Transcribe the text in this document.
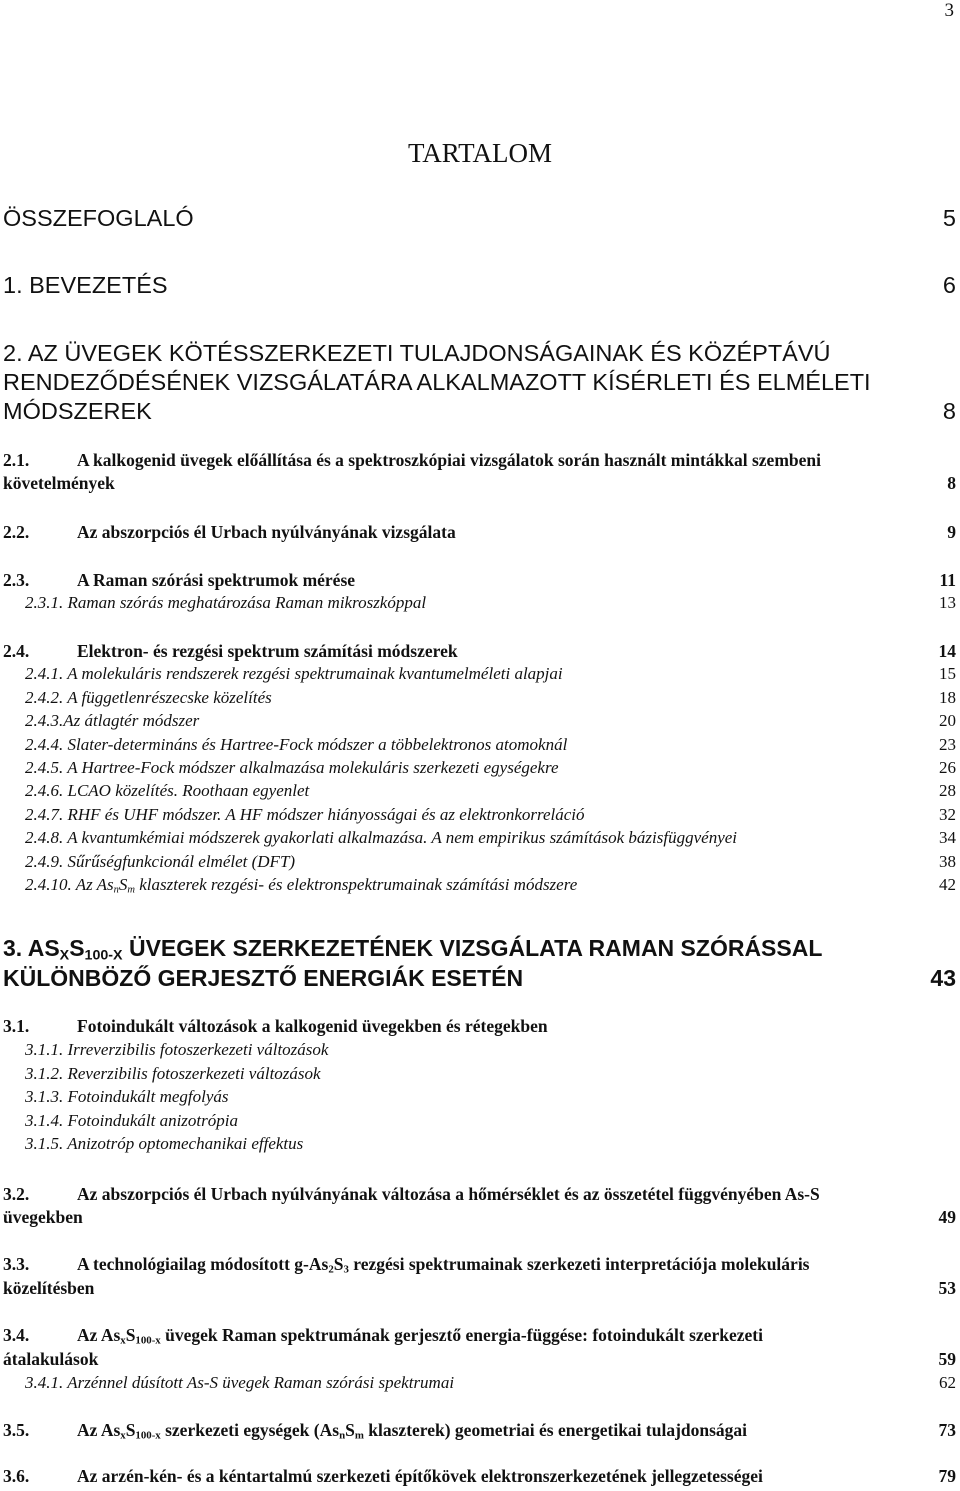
3
TARTALOM
ÖSSZEFOGLALÓ	5
1. BEVEZETÉS	6
2. AZ ÜVEGEK KÖTÉSSZERKEZETI TULAJDONSÁGAINAK ÉS KÖZÉPTÁVÚ
RENDEZŐDÉSÉNEK VIZSGÁLATÁRA ALKALMAZOTT KÍSÉRLETI ÉS ELMÉLETI
MÓDSZEREK	8
2.1.	A kalkogenid üvegek előállítása és a spektroszkópiai vizsgálatok során használt mintákkal szembeni
követelmények	8
2.2.	Az abszorpciós él Urbach nyúlványának vizsgálata	9
2.3.	A Raman szórási spektrumok mérése	11
2.3.1. Raman szórás meghatározása Raman mikroszkóppal	13
2.4.	Elektron- és rezgési spektrum számítási módszerek	14
2.4.1. A molekuláris rendszerek rezgési spektrumainak kvantumelméleti alapjai	15
2.4.2. A függetlenrészecske közelítés	18
2.4.3.Az átlagtér módszer	20
2.4.4. Slater-determináns és Hartree-Fock módszer a többelektronos atomoknál	23
2.4.5. A Hartree-Fock módszer alkalmazása molekuláris szerkezeti egységekre	26
2.4.6. LCAO közelítés. Roothaan egyenlet	28
2.4.7. RHF és UHF módszer. A HF módszer hiányosságai és az elektronkorreláció	32
2.4.8. A kvantumkémiai módszerek gyakorlati alkalmazása. A nem empirikus számítások bázisfüggvényei	34
2.4.9. Sűrűségfunkcionál elmélet (DFT)	38
2.4.10. Az $As_nS_m$ klaszterek rezgési- és elektronspektrumainak számítási módszere	42
3. $AS_XS_{100-X}$ ÜVEGEK SZERKEZETÉNEK VIZSGÁLATA RAMAN SZÓRÁSSAL
KÜLÖNBÖZŐ GERJESZTŐ ENERGIÁK ESETÉN	43
3.1.	Fotoindukált változások a kalkogenid üvegekben és rétegekben
3.1.1. Irreverzibilis fotoszerkezeti változások
3.1.2. Reverzibilis fotoszerkezeti változások
3.1.3. Fotoindukált megfolyás
3.1.4. Fotoindukált anizotrópia
3.1.5. Anizotróp optomechanikai effektus
3.2.	Az abszorpciós él Urbach nyúlványának változása a hőmérséklet és az összetétel függvényében As-S
üvegekben	49
3.3.	A technológiailag módosított $g-As_2S_3$ rezgési spektrumainak szerkezeti interpretációja molekuláris
közelítésben	53
3.4.	Az $As_xS_{100-x}$ üvegek Raman spektrumának gerjesztő energia-függése: fotoindukált szerkezeti
átalakulások	59
3.4.1. Arzénnel dúsított As-S üvegek Raman szórási spektrumai	62
3.5.	Az $As_xS_{100-x}$ szerkezeti egységek ($As_nS_m$ klaszterek) geometriai és energetikai tulajdonságai	73
3.6.	Az arzén-kén- és a kéntartalmú szerkezeti építőkövek elektronszerkezetének jellegzetességei	79
